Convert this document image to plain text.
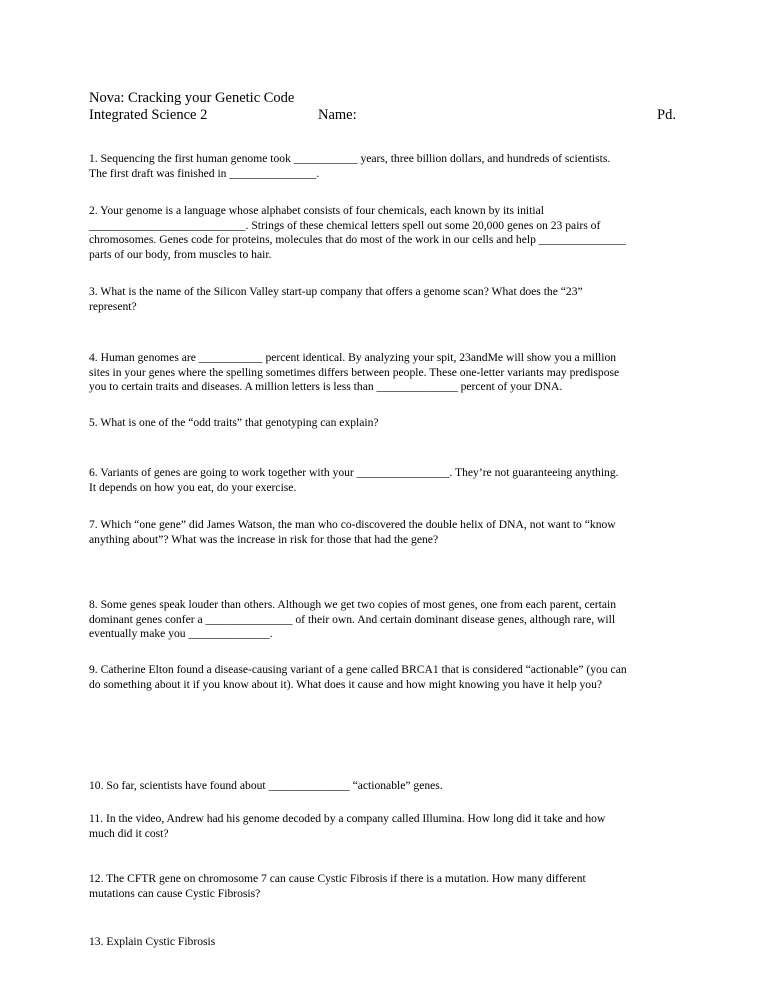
Nova: Cracking your Genetic Code
Integrated Science 2	Name:	Pd.

1. Sequencing the first human genome took ___________ years, three billion dollars, and hundreds of scientists.

The first draft was finished in _______________.

2. Your genome is a language whose alphabet consists of four chemicals, each known by its initial

___________________________. Strings of these chemical letters spell out some 20,000 genes on 23 pairs of

chromosomes. Genes code for proteins, molecules that do most of the work in our cells and help _______________

parts of our body, from muscles to hair.

3. What is the name of the Silicon Valley start-up company that offers a genome scan? What does the “23”

represent?

4. Human genomes are ___________ percent identical. By analyzing your spit, 23andMe will show you a million

sites in your genes where the spelling sometimes differs between people. These one-letter variants may predispose

you to certain traits and diseases. A million letters is less than ______________ percent of your DNA.

5. What is one of the “odd traits” that genotyping can explain?

6. Variants of genes are going to work together with your ________________. They’re not guaranteeing anything.

It depends on how you eat, do your exercise.

7. Which “one gene” did James Watson, the man who co-discovered the double helix of DNA, not want to “know

anything about”? What was the increase in risk for those that had the gene?

8. Some genes speak louder than others. Although we get two copies of most genes, one from each parent, certain

dominant genes confer a _______________ of their own. And certain dominant disease genes, although rare, will

eventually make you ______________.

9. Catherine Elton found a disease-causing variant of a gene called BRCA1 that is considered “actionable” (you can

do something about it if you know about it). What does it cause and how might knowing you have it help you?

10. So far, scientists have found about ______________ “actionable” genes.

11. In the video, Andrew had his genome decoded by a company called Illumina. How long did it take and how

much did it cost?

12. The CFTR gene on chromosome 7 can cause Cystic Fibrosis if there is a mutation. How many different

mutations can cause Cystic Fibrosis?

13. Explain Cystic Fibrosis
